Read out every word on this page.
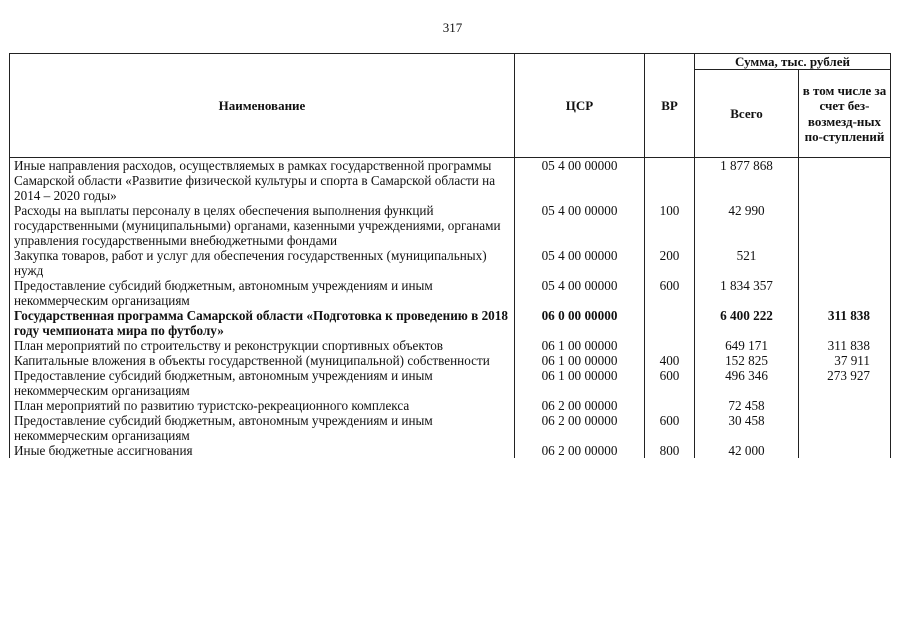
317
Наименование	ЦСР	ВР	Сумма, тыс. рублей	
			Всего	в том числе за счет без-возмезд-ных по-ступлений
Иные направления расходов, осуществляемых в рамках государственной программы Самарской области «Развитие физической культуры и спорта в Самарской области на 2014 – 2020 годы»	05 4 00 00000		1 877 868	
Расходы на выплаты персоналу в целях обеспечения выполнения функций государственными (муниципальными) органами, казенными учреждениями, органами управления государственными внебюджетными фондами	05 4 00 00000	100	42 990	
Закупка товаров, работ и услуг для обеспечения государственных (муниципальных) нужд	05 4 00 00000	200	521	
Предоставление субсидий бюджетным, автономным учреждениям и иным некоммерческим организациям	05 4 00 00000	600	1 834 357	
Государственная программа Самарской области «Подготовка к проведению в 2018 году чемпионата мира по футболу»	06 0 00 00000		6 400 222	311 838
План мероприятий по строительству и реконструкции спортивных объектов	06 1 00 00000		649 171	311 838
Капитальные вложения в объекты государственной (муниципальной) собственности	06 1 00 00000	400	152 825	37 911
Предоставление субсидий бюджетным, автономным учреждениям и иным некоммерческим организациям	06 1 00 00000	600	496 346	273 927
План мероприятий по развитию туристско-рекреационного комплекса	06 2 00 00000		72 458	
Предоставление субсидий бюджетным, автономным учреждениям и иным некоммерческим организациям	06 2 00 00000	600	30 458	
Иные бюджетные ассигнования	06 2 00 00000	800	42 000	
